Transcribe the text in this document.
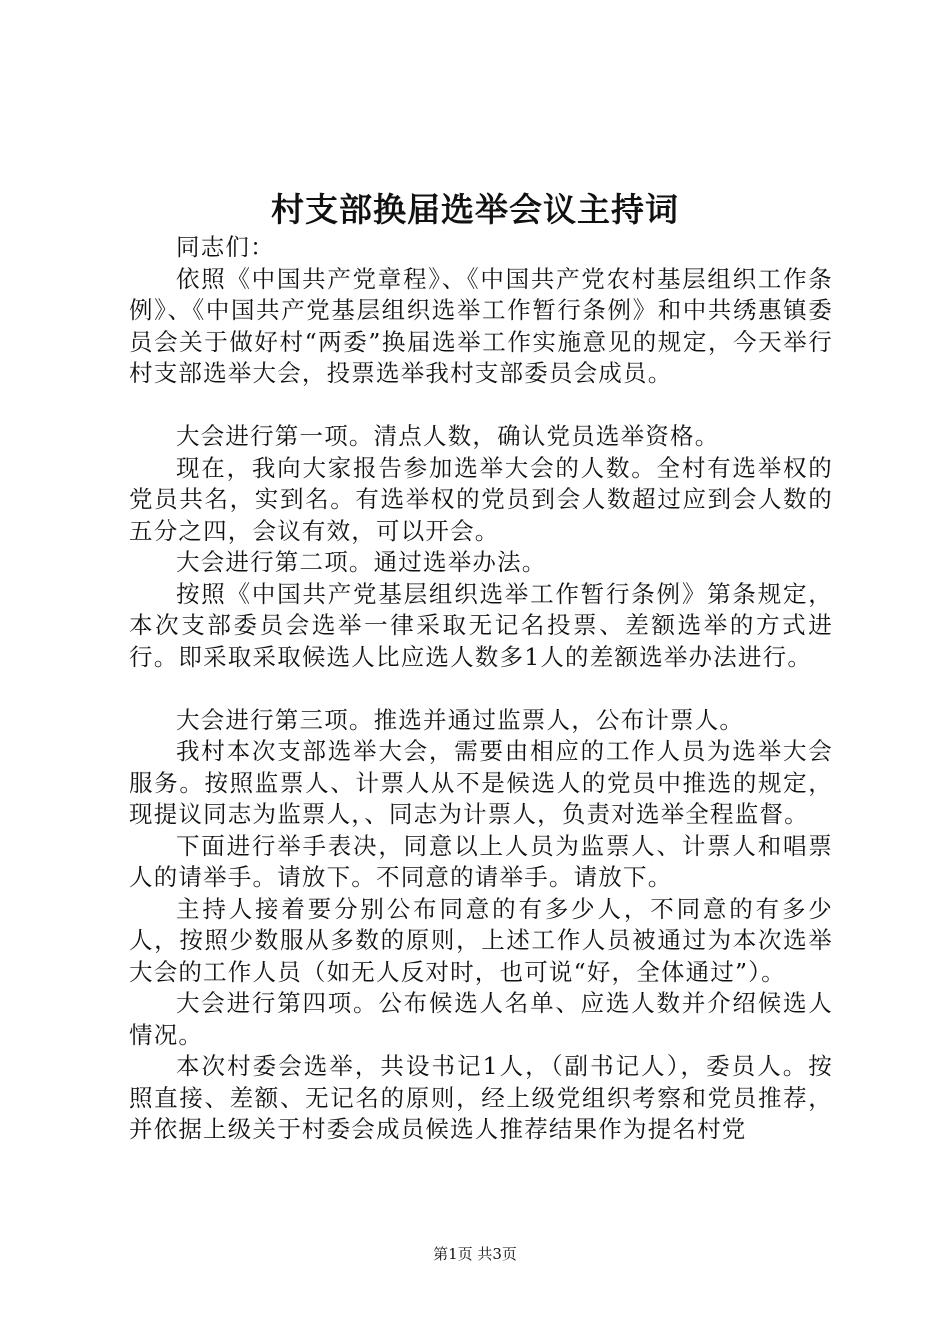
村支部换届选举会议主持词

同志们：

依照《中国共产党章程》、《中国共产党农村基层组织工作条例》、《中国共产党基层组织选举工作暂行条例》和中共绣惠镇委员会关于做好村“两委”换届选举工作实施意见的规定，今天举行村支部选举大会，投票选举我村支部委员会成员。

大会进行第一项。清点人数，确认党员选举资格。

现在，我向大家报告参加选举大会的人数。全村有选举权的党员共名，实到名。有选举权的党员到会人数超过应到会人数的五分之四，会议有效，可以开会。

大会进行第二项。通过选举办法。

按照《中国共产党基层组织选举工作暂行条例》第条规定，本次支部委员会选举一律采取无记名投票、差额选举的方式进行。即采取采取候选人比应选人数多1人的差额选举办法进行。

大会进行第三项。推选并通过监票人，公布计票人。

我村本次支部选举大会，需要由相应的工作人员为选举大会服务。按照监票人、计票人从不是候选人的党员中推选的规定，现提议同志为监票人，、同志为计票人，负责对选举全程监督。

下面进行举手表决，同意以上人员为监票人、计票人和唱票人的请举手。请放下。不同意的请举手。请放下。

主持人接着要分别公布同意的有多少人，不同意的有多少人，按照少数服从多数的原则，上述工作人员被通过为本次选举大会的工作人员（如无人反对时，也可说“好，全体通过”）。

大会进行第四项。公布候选人名单、应选人数并介绍候选人情况。

本次村委会选举，共设书记1人，（副书记人），委员人。按照直接、差额、无记名的原则，经上级党组织考察和党员推荐，并依据上级关于村委会成员候选人推荐结果作为提名村党

第1页 共3页
